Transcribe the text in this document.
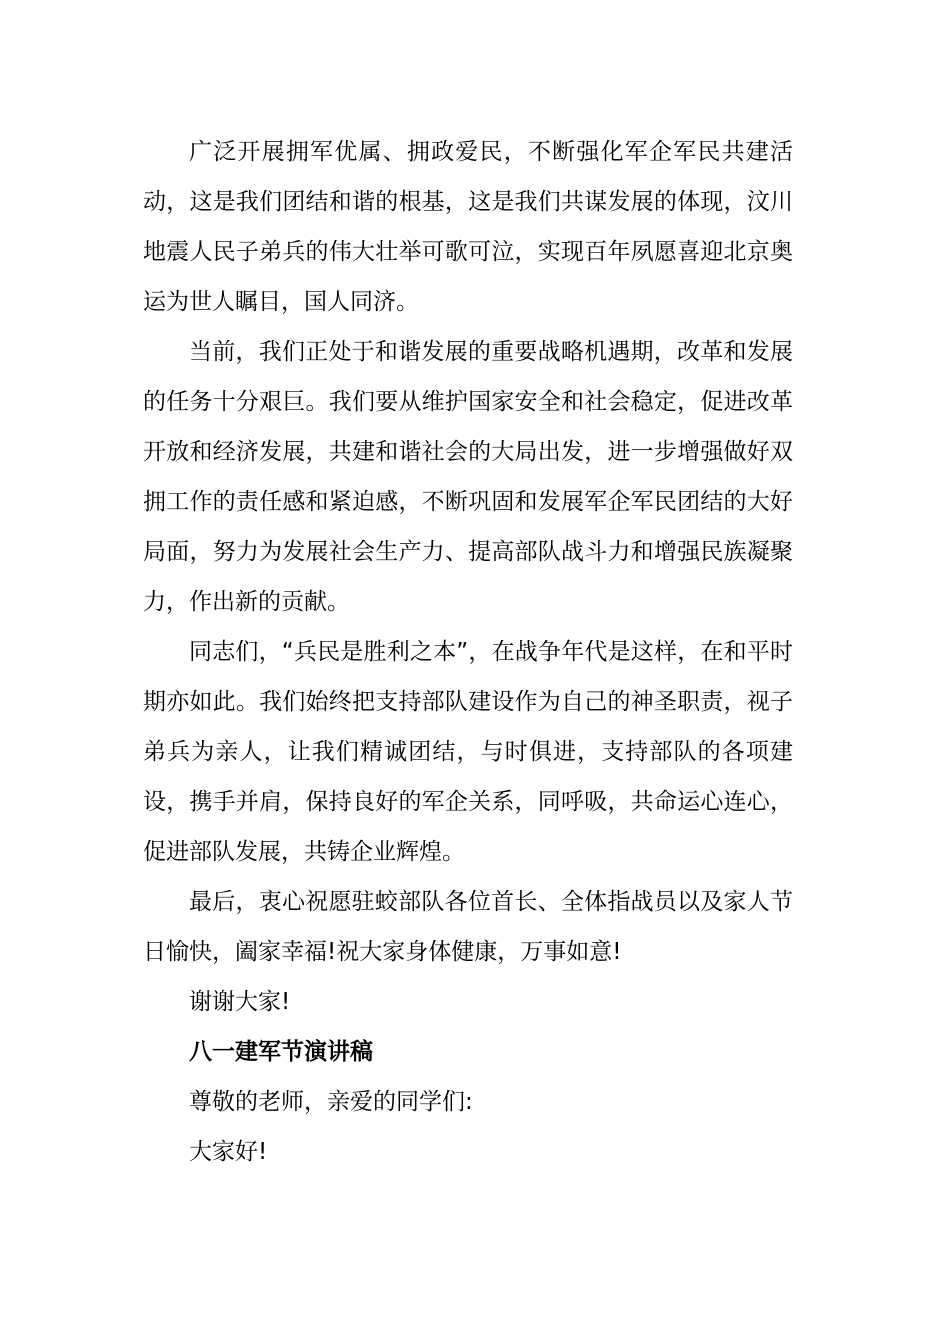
广泛开展拥军优属、拥政爱民，不断强化军企军民共建活动，这是我们团结和谐的根基，这是我们共谋发展的体现，汶川地震人民子弟兵的伟大壮举可歌可泣，实现百年夙愿喜迎北京奥运为世人瞩目，国人同济。

当前，我们正处于和谐发展的重要战略机遇期，改革和发展的任务十分艰巨。我们要从维护国家安全和社会稳定，促进改革开放和经济发展，共建和谐社会的大局出发，进一步增强做好双拥工作的责任感和紧迫感，不断巩固和发展军企军民团结的大好局面，努力为发展社会生产力、提高部队战斗力和增强民族凝聚力，作出新的贡献。

同志们，“兵民是胜利之本”，在战争年代是这样，在和平时期亦如此。我们始终把支持部队建设作为自己的神圣职责，视子弟兵为亲人，让我们精诚团结，与时俱进，支持部队的各项建设，携手并肩，保持良好的军企关系，同呼吸，共命运心连心，促进部队发展，共铸企业辉煌。

最后，衷心祝愿驻蛟部队各位首长、全体指战员以及家人节日愉快，阖家幸福!祝大家身体健康，万事如意!

谢谢大家!

八一建军节演讲稿

尊敬的老师，亲爱的同学们:

大家好!
